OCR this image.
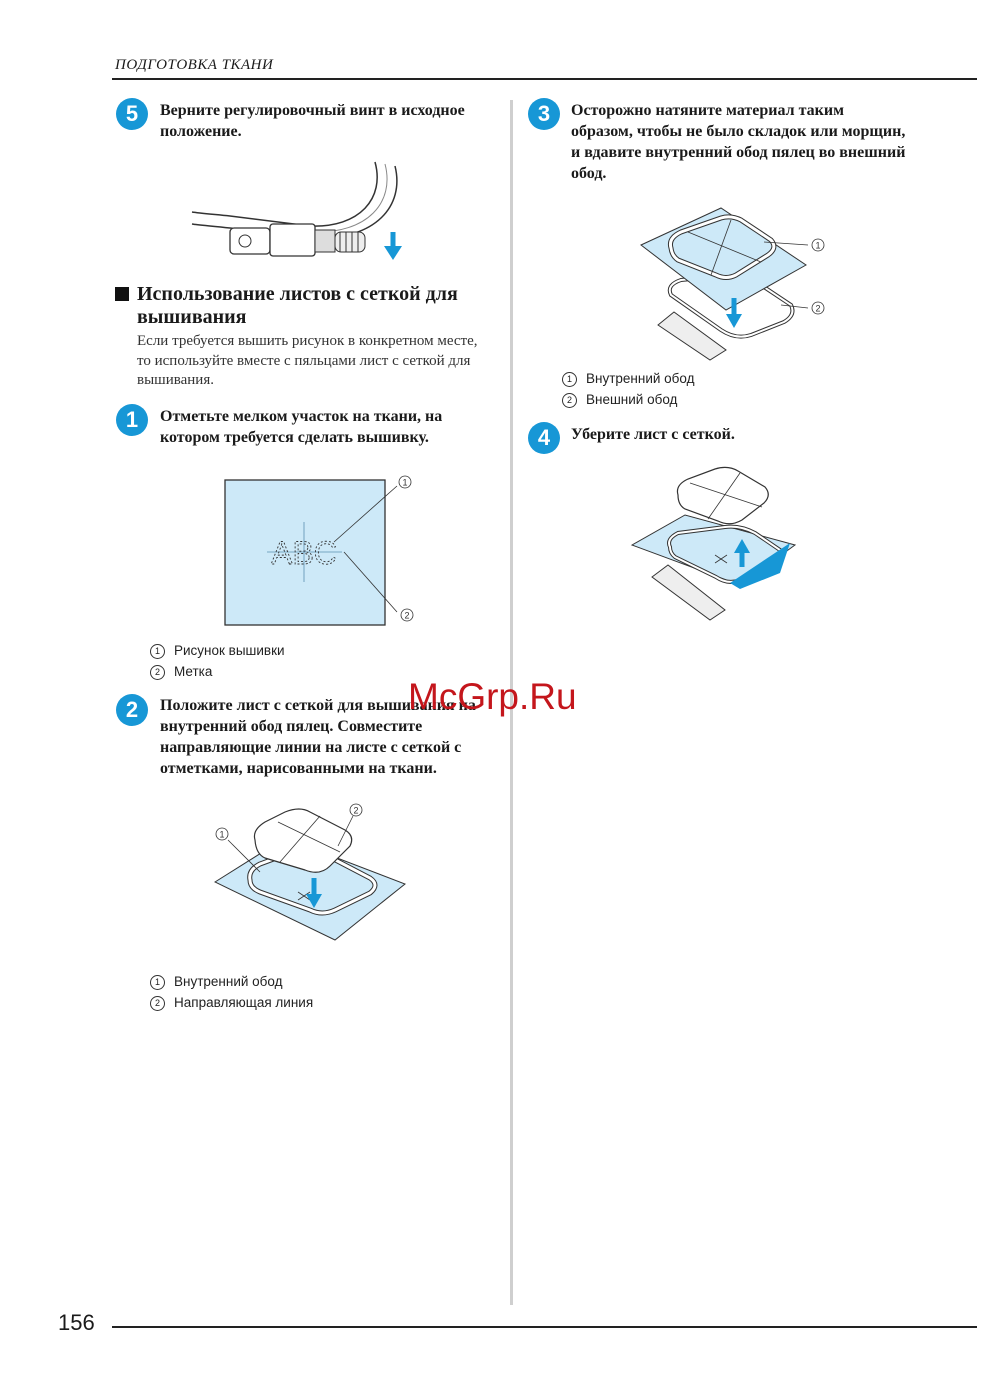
ПОДГОТОВКА ТКАНИ
5	Верните регулировочный винт в исходное положение.
Использование листов с сеткой для вышивания
Если требуется вышить рисунок в конкретном месте, то используйте вместе с пяльцами лист с сеткой для вышивания.
1	Отметьте мелком участок на ткани, на котором требуется сделать вышивку.
ABC
1
2
1 Рисунок вышивки
2 Метка
2	Положите лист с сеткой для вышивания на внутренний обод пялец. Совместите направляющие линии на листе с сеткой с отметками, нарисованными на ткани.
1
2
1 Внутренний обод
2 Направляющая линия
3	Осторожно натяните материал таким образом, чтобы не было складок или морщин, и вдавите внутренний обод пялец во внешний обод.
1
2
1 Внутренний обод
2 Внешний обод
4	Уберите лист с сеткой.
McGrp.Ru
156
